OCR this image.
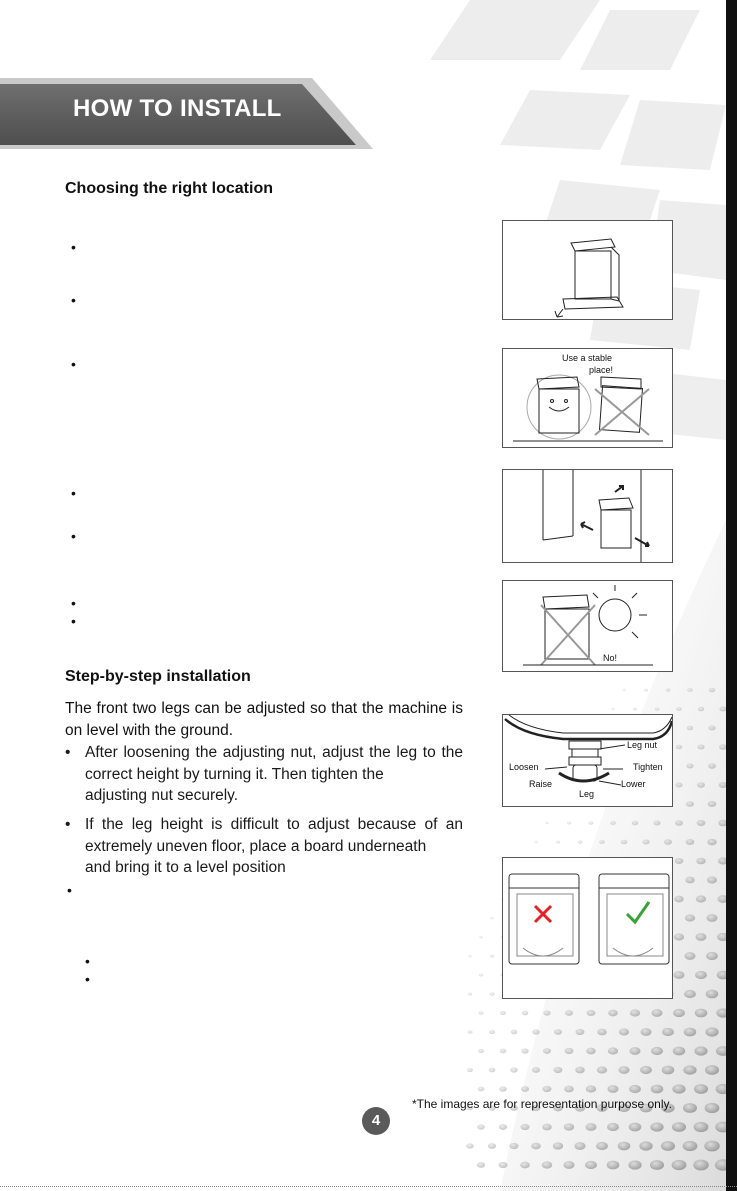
HOW TO INSTALL
Choosing the right location
•
•
•
•
•
•
•
Use a stable
place!
No!
Step-by-step installation
The front two legs can be adjusted so that the machine is on level with the ground.
• After loosening the adjusting nut, adjust the leg to the correct height by turning it. Then tighten the
adjusting nut securely.
• If the leg height is difficult to adjust because of an extremely uneven floor, place a board underneath
and bring it to a level position
•
•
•
Leg nut
Loosen	Tighten
Raise	Lower
Leg
4
*The images are for representation purpose only.
